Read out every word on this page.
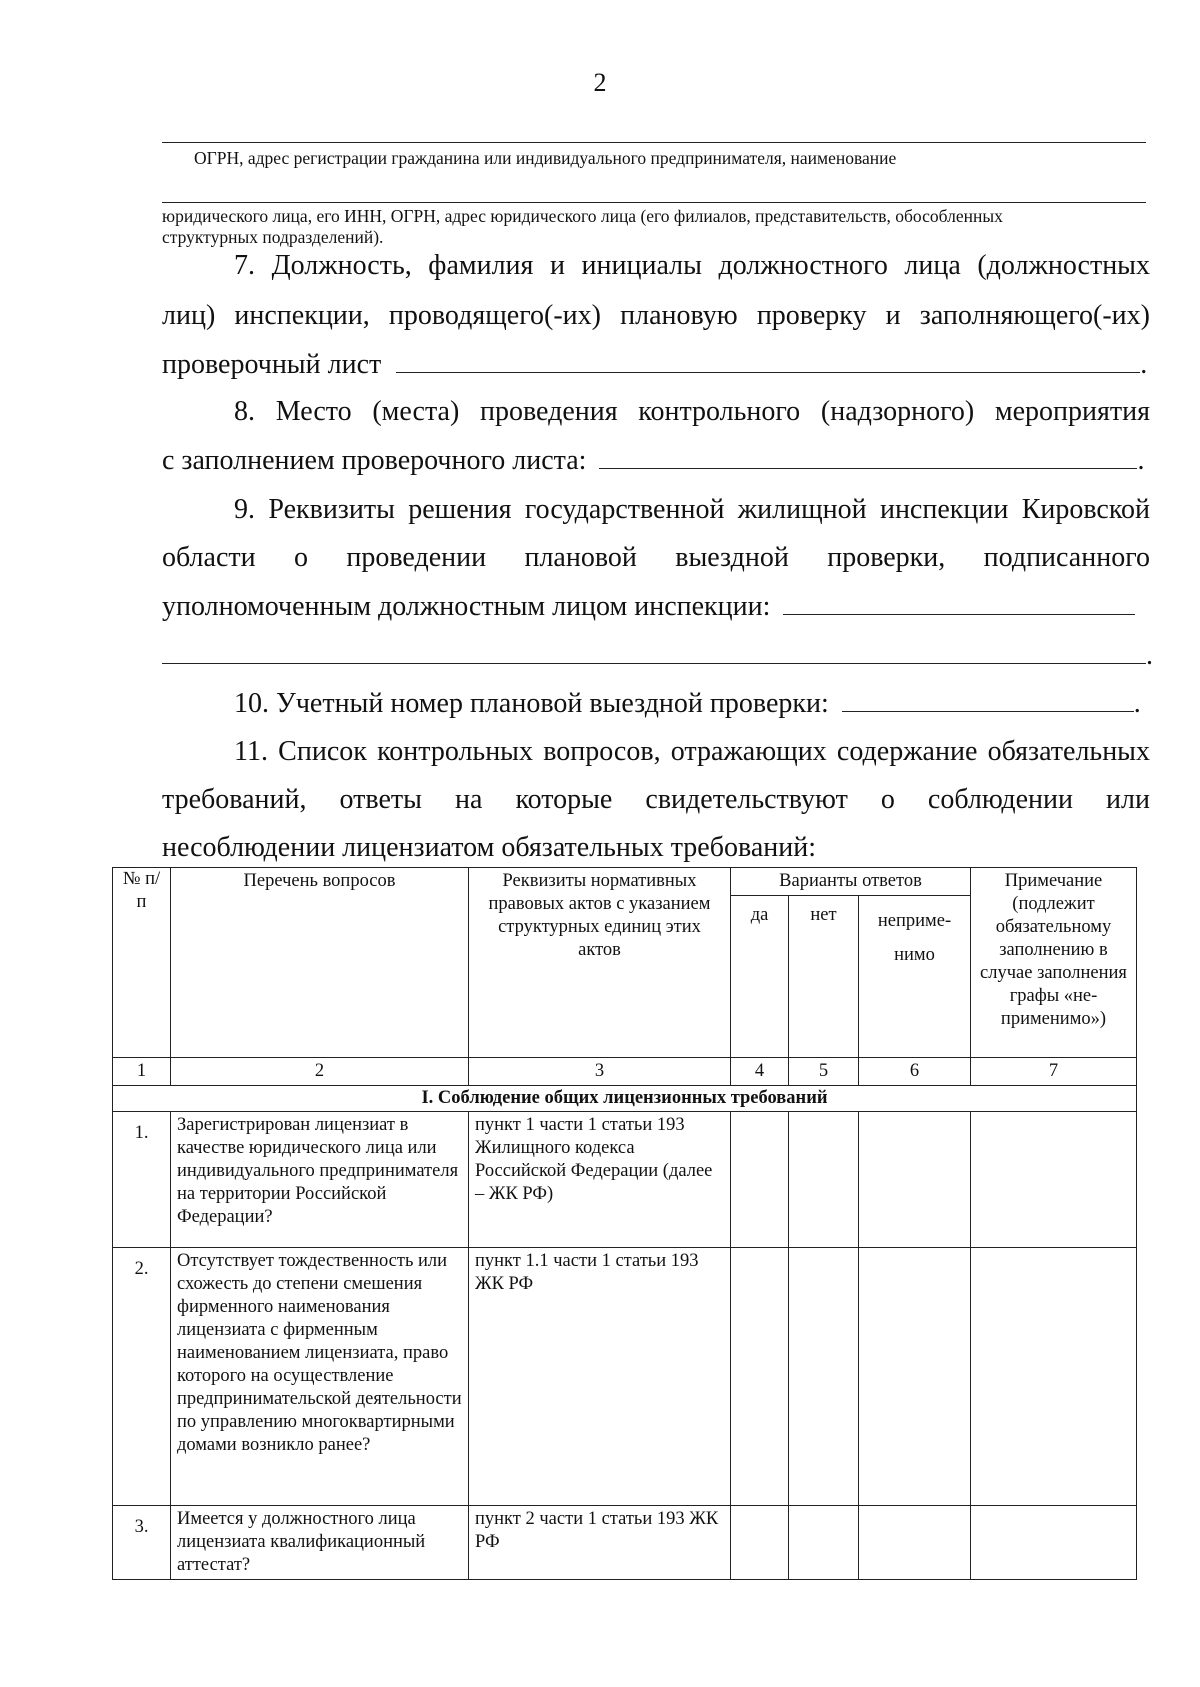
2
ОГРН, адрес регистрации гражданина или индивидуального предпринимателя, наименование
юридического лица, его ИНН, ОГРН, адрес юридического лица (его филиалов, представительств, обособленных
структурных подразделений).
7. Должность, фамилия и инициалы должностного лица (должностных
лиц) инспекции, проводящего(-их) плановую проверку и заполняющего(-их)
проверочный лист	.
8. Место (места) проведения контрольного (надзорного) мероприятия
с заполнением проверочного листа:	.
9. Реквизиты решения государственной жилищной инспекции Кировской
области о проведении плановой выездной проверки, подписанного
уполномоченным должностным лицом инспекции:
.
10. Учетный номер плановой выездной проверки:	.
11. Список контрольных вопросов, отражающих содержание обязательных
требований, ответы на которые свидетельствуют о соблюдении или
несоблюдении лицензиатом обязательных требований:
№ п/п	Перечень вопросов	Реквизиты нормативных правовых актов с указанием структурных единиц этих актов	Варианты ответов			Примечание (подлежит обязательному заполнению в случае заполнения графы «не-применимо»)
			да	нет	неприме-
нимо	
1	2	3	4	5	6	7
I. Соблюдение общих лицензионных требований						
1.	Зарегистрирован лицензиат в качестве юридического лица или индивидуального предпринимателя на территории Российской Федерации?	пункт 1 части 1 статьи 193 Жилищного кодекса Российской Федерации (далее – ЖК РФ)				
2.	Отсутствует тождественность или схожесть до степени смешения фирменного наименования лицензиата с фирменным наименованием лицензиата, право которого на осуществление предпринимательской деятельности по управлению многоквартирными домами возникло ранее?	пункт 1.1 части 1 статьи 193 ЖК РФ				
3.	Имеется у должностного лица лицензиата квалификационный аттестат?	пункт 2 части 1 статьи 193 ЖК РФ				
